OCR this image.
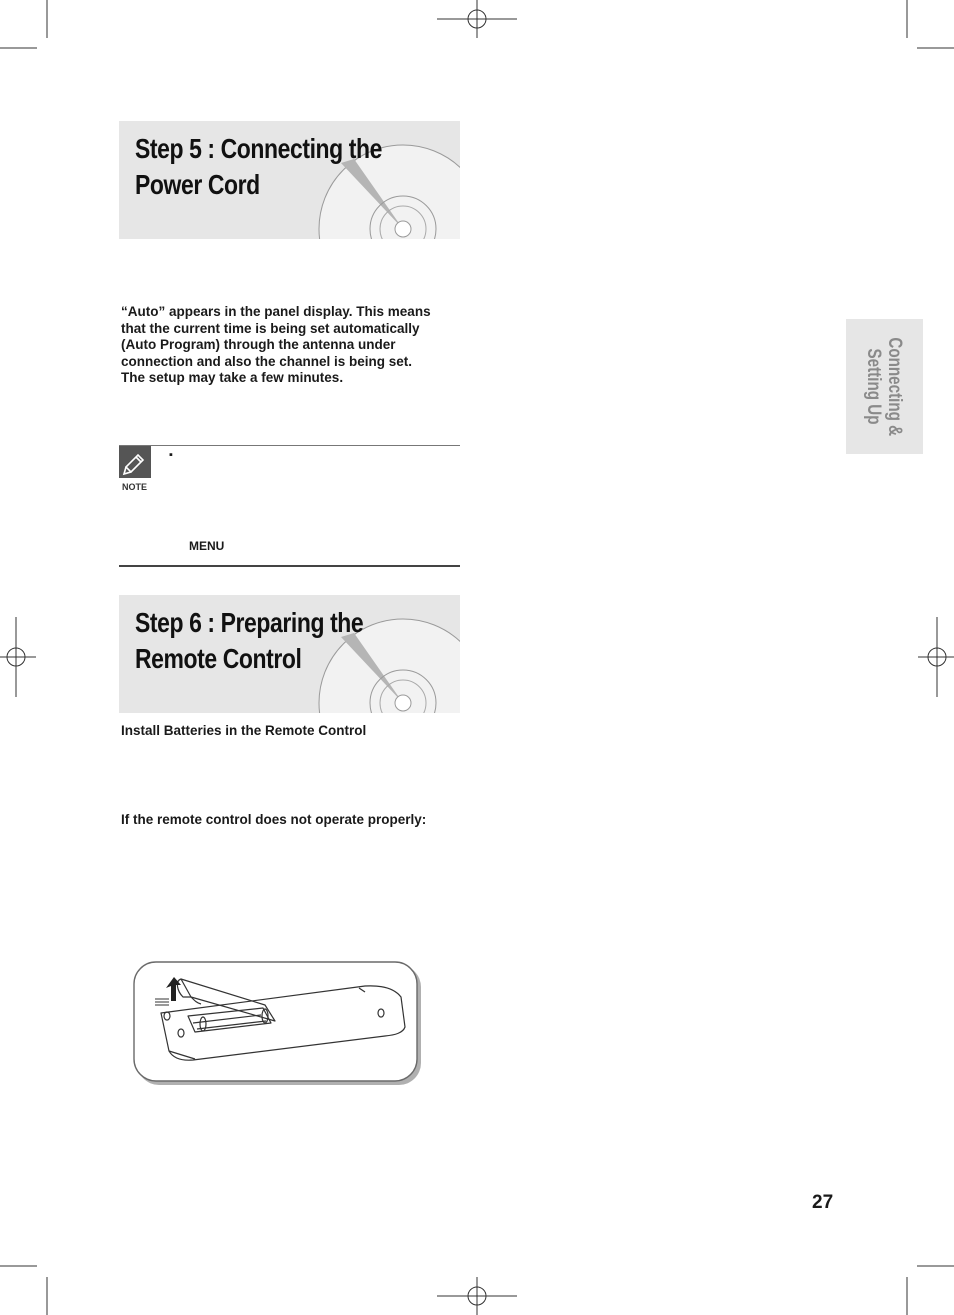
Step 5 : Connecting the
Power Cord
“Auto” appears in the panel display. This means
that the current time is being set automatically
(Auto Program) through the antenna under
connection and also the channel is being set.
The setup may take a few minutes.
NOTE
▪
MENU
Step 6 : Preparing the
Remote Control
Install Batteries in the Remote Control
If the remote control does not operate properly:
Connecting &
Setting Up
27
